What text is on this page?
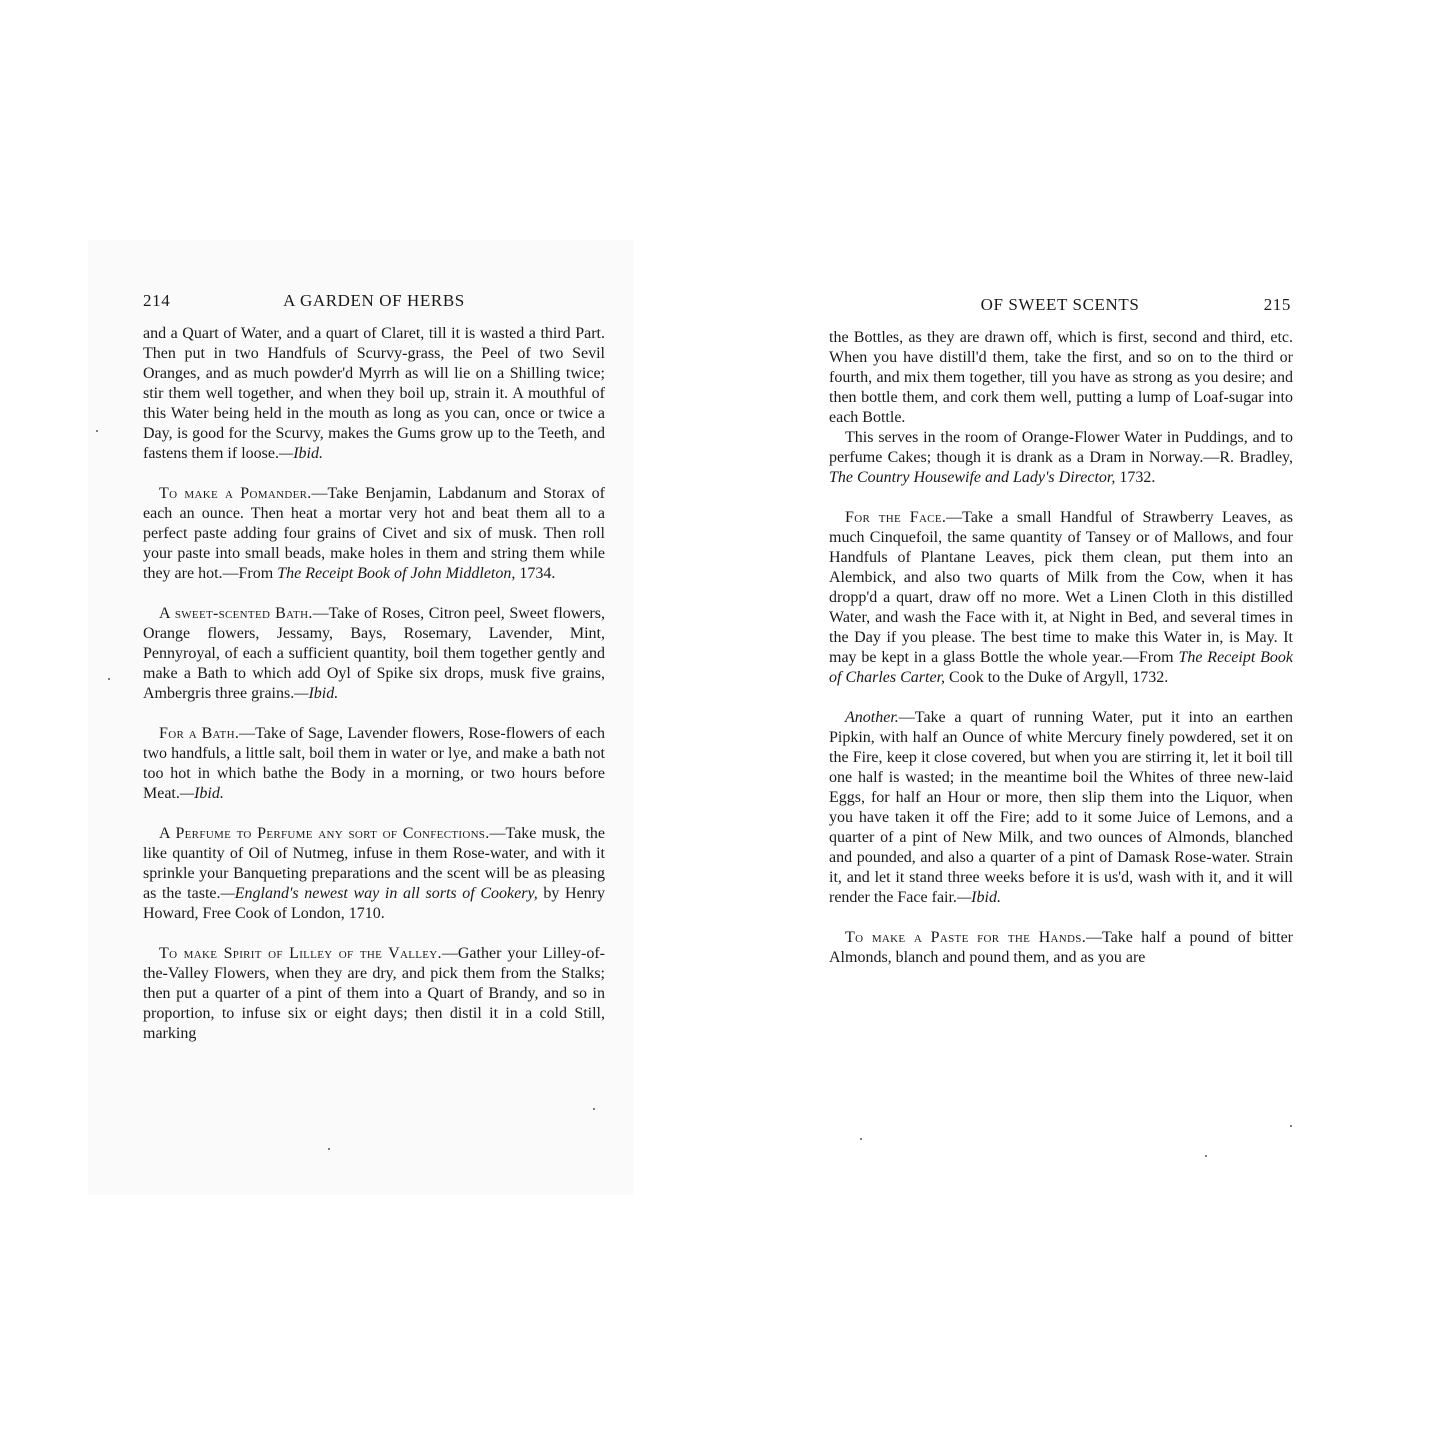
214	A GARDEN OF HERBS

and a Quart of Water, and a quart of Claret, till it is wasted a third Part. Then put in two Handfuls of Scurvy-grass, the Peel of two Sevil Oranges, and as much powder'd Myrrh as will lie on a Shilling twice; stir them well together, and when they boil up, strain it. A mouthful of this Water being held in the mouth as long as you can, once or twice a Day, is good for the Scurvy, makes the Gums grow up to the Teeth, and fastens them if loose.—Ibid.

To make a Pomander.—Take Benjamin, Labdanum and Storax of each an ounce. Then heat a mortar very hot and beat them all to a perfect paste adding four grains of Civet and six of musk. Then roll your paste into small beads, make holes in them and string them while they are hot.—From The Receipt Book of John Middleton, 1734.

A sweet-scented Bath.—Take of Roses, Citron peel, Sweet flowers, Orange flowers, Jessamy, Bays, Rosemary, Lavender, Mint, Pennyroyal, of each a sufficient quantity, boil them together gently and make a Bath to which add Oyl of Spike six drops, musk five grains, Ambergris three grains.—Ibid.

For a Bath.—Take of Sage, Lavender flowers, Rose-flowers of each two handfuls, a little salt, boil them in water or lye, and make a bath not too hot in which bathe the Body in a morning, or two hours before Meat.—Ibid.

A Perfume to Perfume any sort of Confections.—Take musk, the like quantity of Oil of Nutmeg, infuse in them Rose-water, and with it sprinkle your Banqueting preparations and the scent will be as pleasing as the taste.—England's newest way in all sorts of Cookery, by Henry Howard, Free Cook of London, 1710.

To make Spirit of Lilley of the Valley.—Gather your Lilley-of-the-Valley Flowers, when they are dry, and pick them from the Stalks; then put a quarter of a pint of them into a Quart of Brandy, and so in proportion, to infuse six or eight days; then distil it in a cold Still, marking

OF SWEET SCENTS	215

the Bottles, as they are drawn off, which is first, second and third, etc. When you have distill'd them, take the first, and so on to the third or fourth, and mix them together, till you have as strong as you desire; and then bottle them, and cork them well, putting a lump of Loaf-sugar into each Bottle.

This serves in the room of Orange-Flower Water in Puddings, and to perfume Cakes; though it is drank as a Dram in Norway.—R. Bradley, The Country Housewife and Lady's Director, 1732.

For the Face.—Take a small Handful of Strawberry Leaves, as much Cinquefoil, the same quantity of Tansey or of Mallows, and four Handfuls of Plantane Leaves, pick them clean, put them into an Alembick, and also two quarts of Milk from the Cow, when it has dropp'd a quart, draw off no more. Wet a Linen Cloth in this distilled Water, and wash the Face with it, at Night in Bed, and several times in the Day if you please. The best time to make this Water in, is May. It may be kept in a glass Bottle the whole year.—From The Receipt Book of Charles Carter, Cook to the Duke of Argyll, 1732.

Another.—Take a quart of running Water, put it into an earthen Pipkin, with half an Ounce of white Mercury finely powdered, set it on the Fire, keep it close covered, but when you are stirring it, let it boil till one half is wasted; in the meantime boil the Whites of three new-laid Eggs, for half an Hour or more, then slip them into the Liquor, when you have taken it off the Fire; add to it some Juice of Lemons, and a quarter of a pint of New Milk, and two ounces of Almonds, blanched and pounded, and also a quarter of a pint of Damask Rose-water. Strain it, and let it stand three weeks before it is us'd, wash with it, and it will render the Face fair.—Ibid.

To make a Paste for the Hands.—Take half a pound of bitter Almonds, blanch and pound them, and as you are
